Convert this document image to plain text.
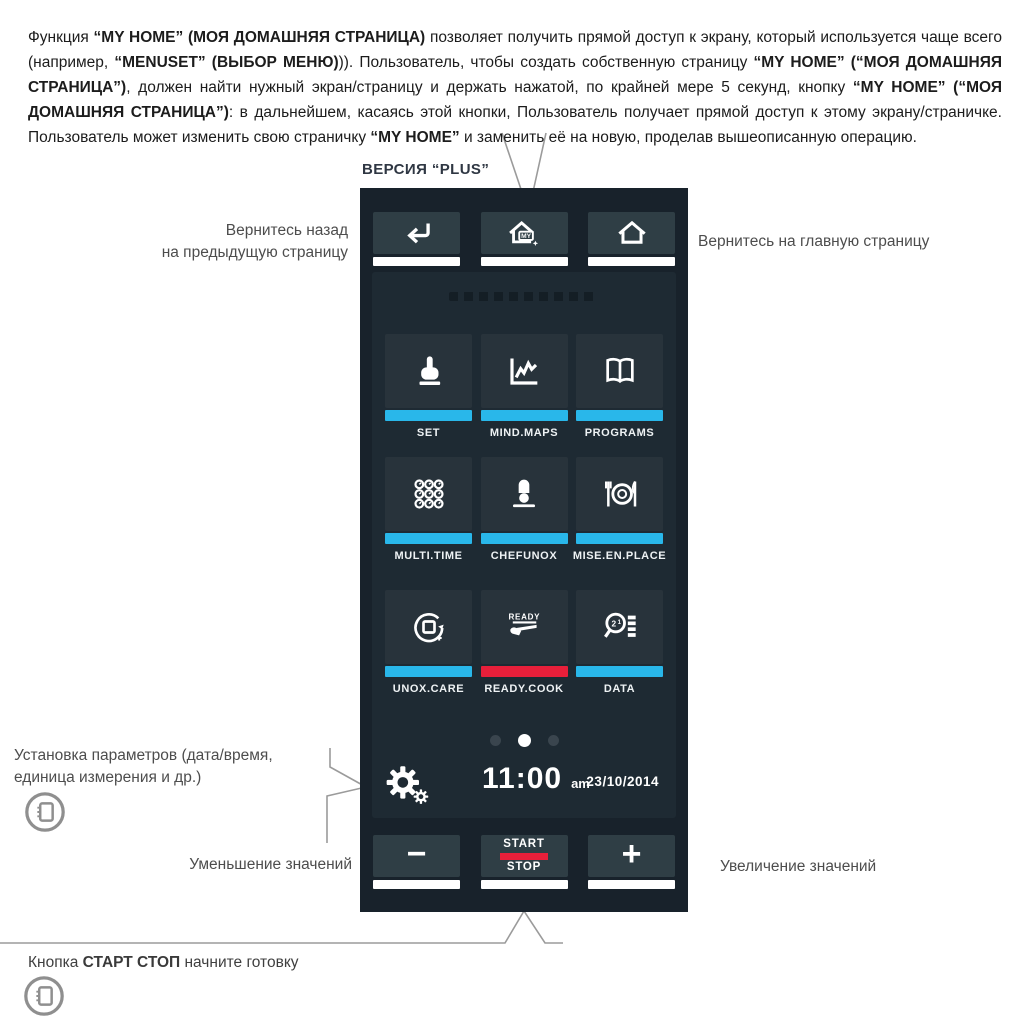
Функция “MY HOME” (МОЯ ДОМАШНЯЯ СТРАНИЦА) позволяет получить прямой доступ к экрану, который используется чаще всего (например, “MENUSET” (ВЫБОР МЕНЮ))). Пользователь, чтобы создать собственную страницу “MY HOME” (“МОЯ ДОМАШНЯЯ СТРАНИЦА”), должен найти нужный экран/страницу и держать нажатой, по крайней мере 5 секунд, кнопку “MY HOME” (“МОЯ ДОМАШНЯЯ СТРАНИЦА”): в дальнейшем, касаясь этой кнопки, Пользователь получает прямой доступ к этому экрану/страничке. Пользователь может изменить свою страничку “MY HOME” и заменить её на новую, проделав вышеописанную операцию.

ВЕРСИЯ “PLUS”
MY
SET	MIND.MAPS PROGRAMS
MULTI.TIME	CHEFUNOX MISE.EN.PLACE
UNOX.CARE
READY
READY.COOK
2 1
DATA
11:00 am
23/10/2014
−	START
STOP +
Вернитесь назад
на предыдущую страницу
Вернитесь на главную страницу
Установка параметров (дата/время,
единица измерения и др.)
Уменьшение значений	Увеличение значений
Кнопка СТАРТ СТОП начните готовку
